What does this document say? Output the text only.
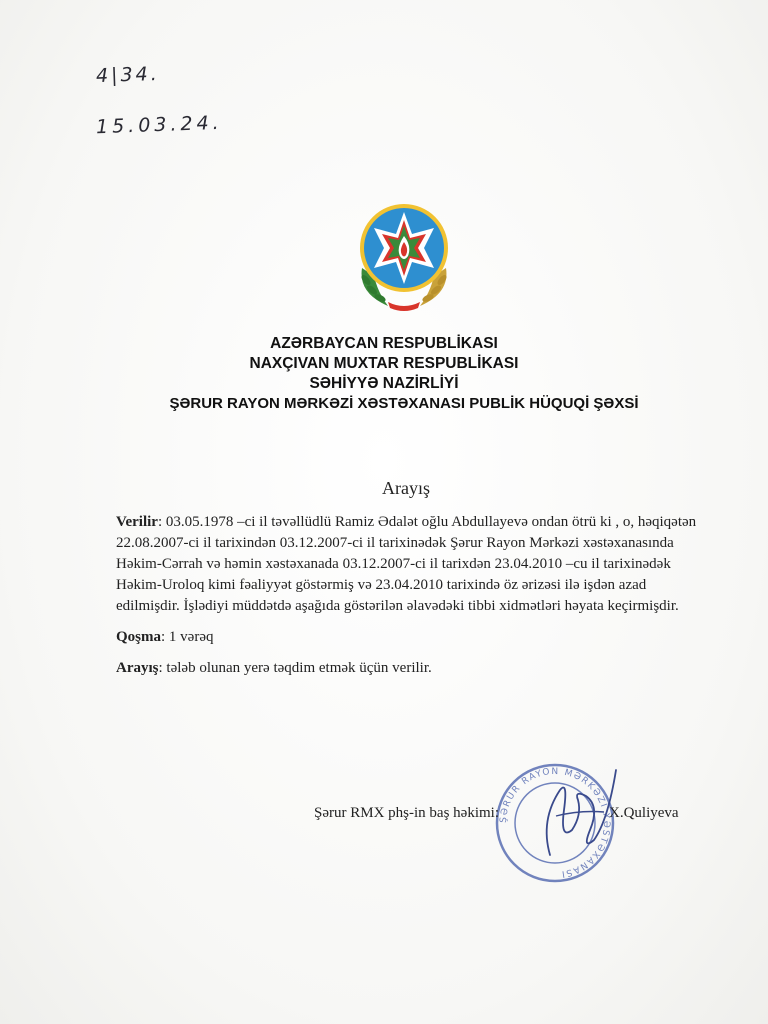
4|34.
15.03.24.
AZƏRBAYCAN RESPUBLİKASI
NAXÇIVAN MUXTAR RESPUBLİKASI
SƏHİYYƏ NAZİRLİYİ
ŞƏRUR RAYON MƏRKƏZİ XƏSTƏXANASI PUBLİK HÜQUQİ ŞƏXSİ
Arayış

Verilir: 03.05.1978 –ci il təvəllüdlü Ramiz Ədalət oğlu Abdullayevə ondan ötrü ki , o, həqiqətən 22.08.2007-ci il tarixindən 03.12.2007-ci il tarixinədək Şərur Rayon Mərkəzi xəstəxanasında Həkim-Cərrah və həmin xəstəxanada 03.12.2007-ci il tarixdən 23.04.2010 –cu il tarixinədək Həkim-Uroloq kimi fəaliyyət göstərmiş və 23.04.2010 tarixində öz ərizəsi ilə işdən azad edilmişdir. İşlədiyi müddətdə aşağıda göstərilən əlavədəki tibbi xidmətləri həyata keçirmişdir.

Qoşma: 1 vərəq

Arayış: tələb olunan yerə təqdim etmək üçün verilir.

ŞƏRUR RAYON MƏRKƏZİ XƏSTƏXANASI
Şərur RMX phş-in baş həkimi:	X.Quliyeva
